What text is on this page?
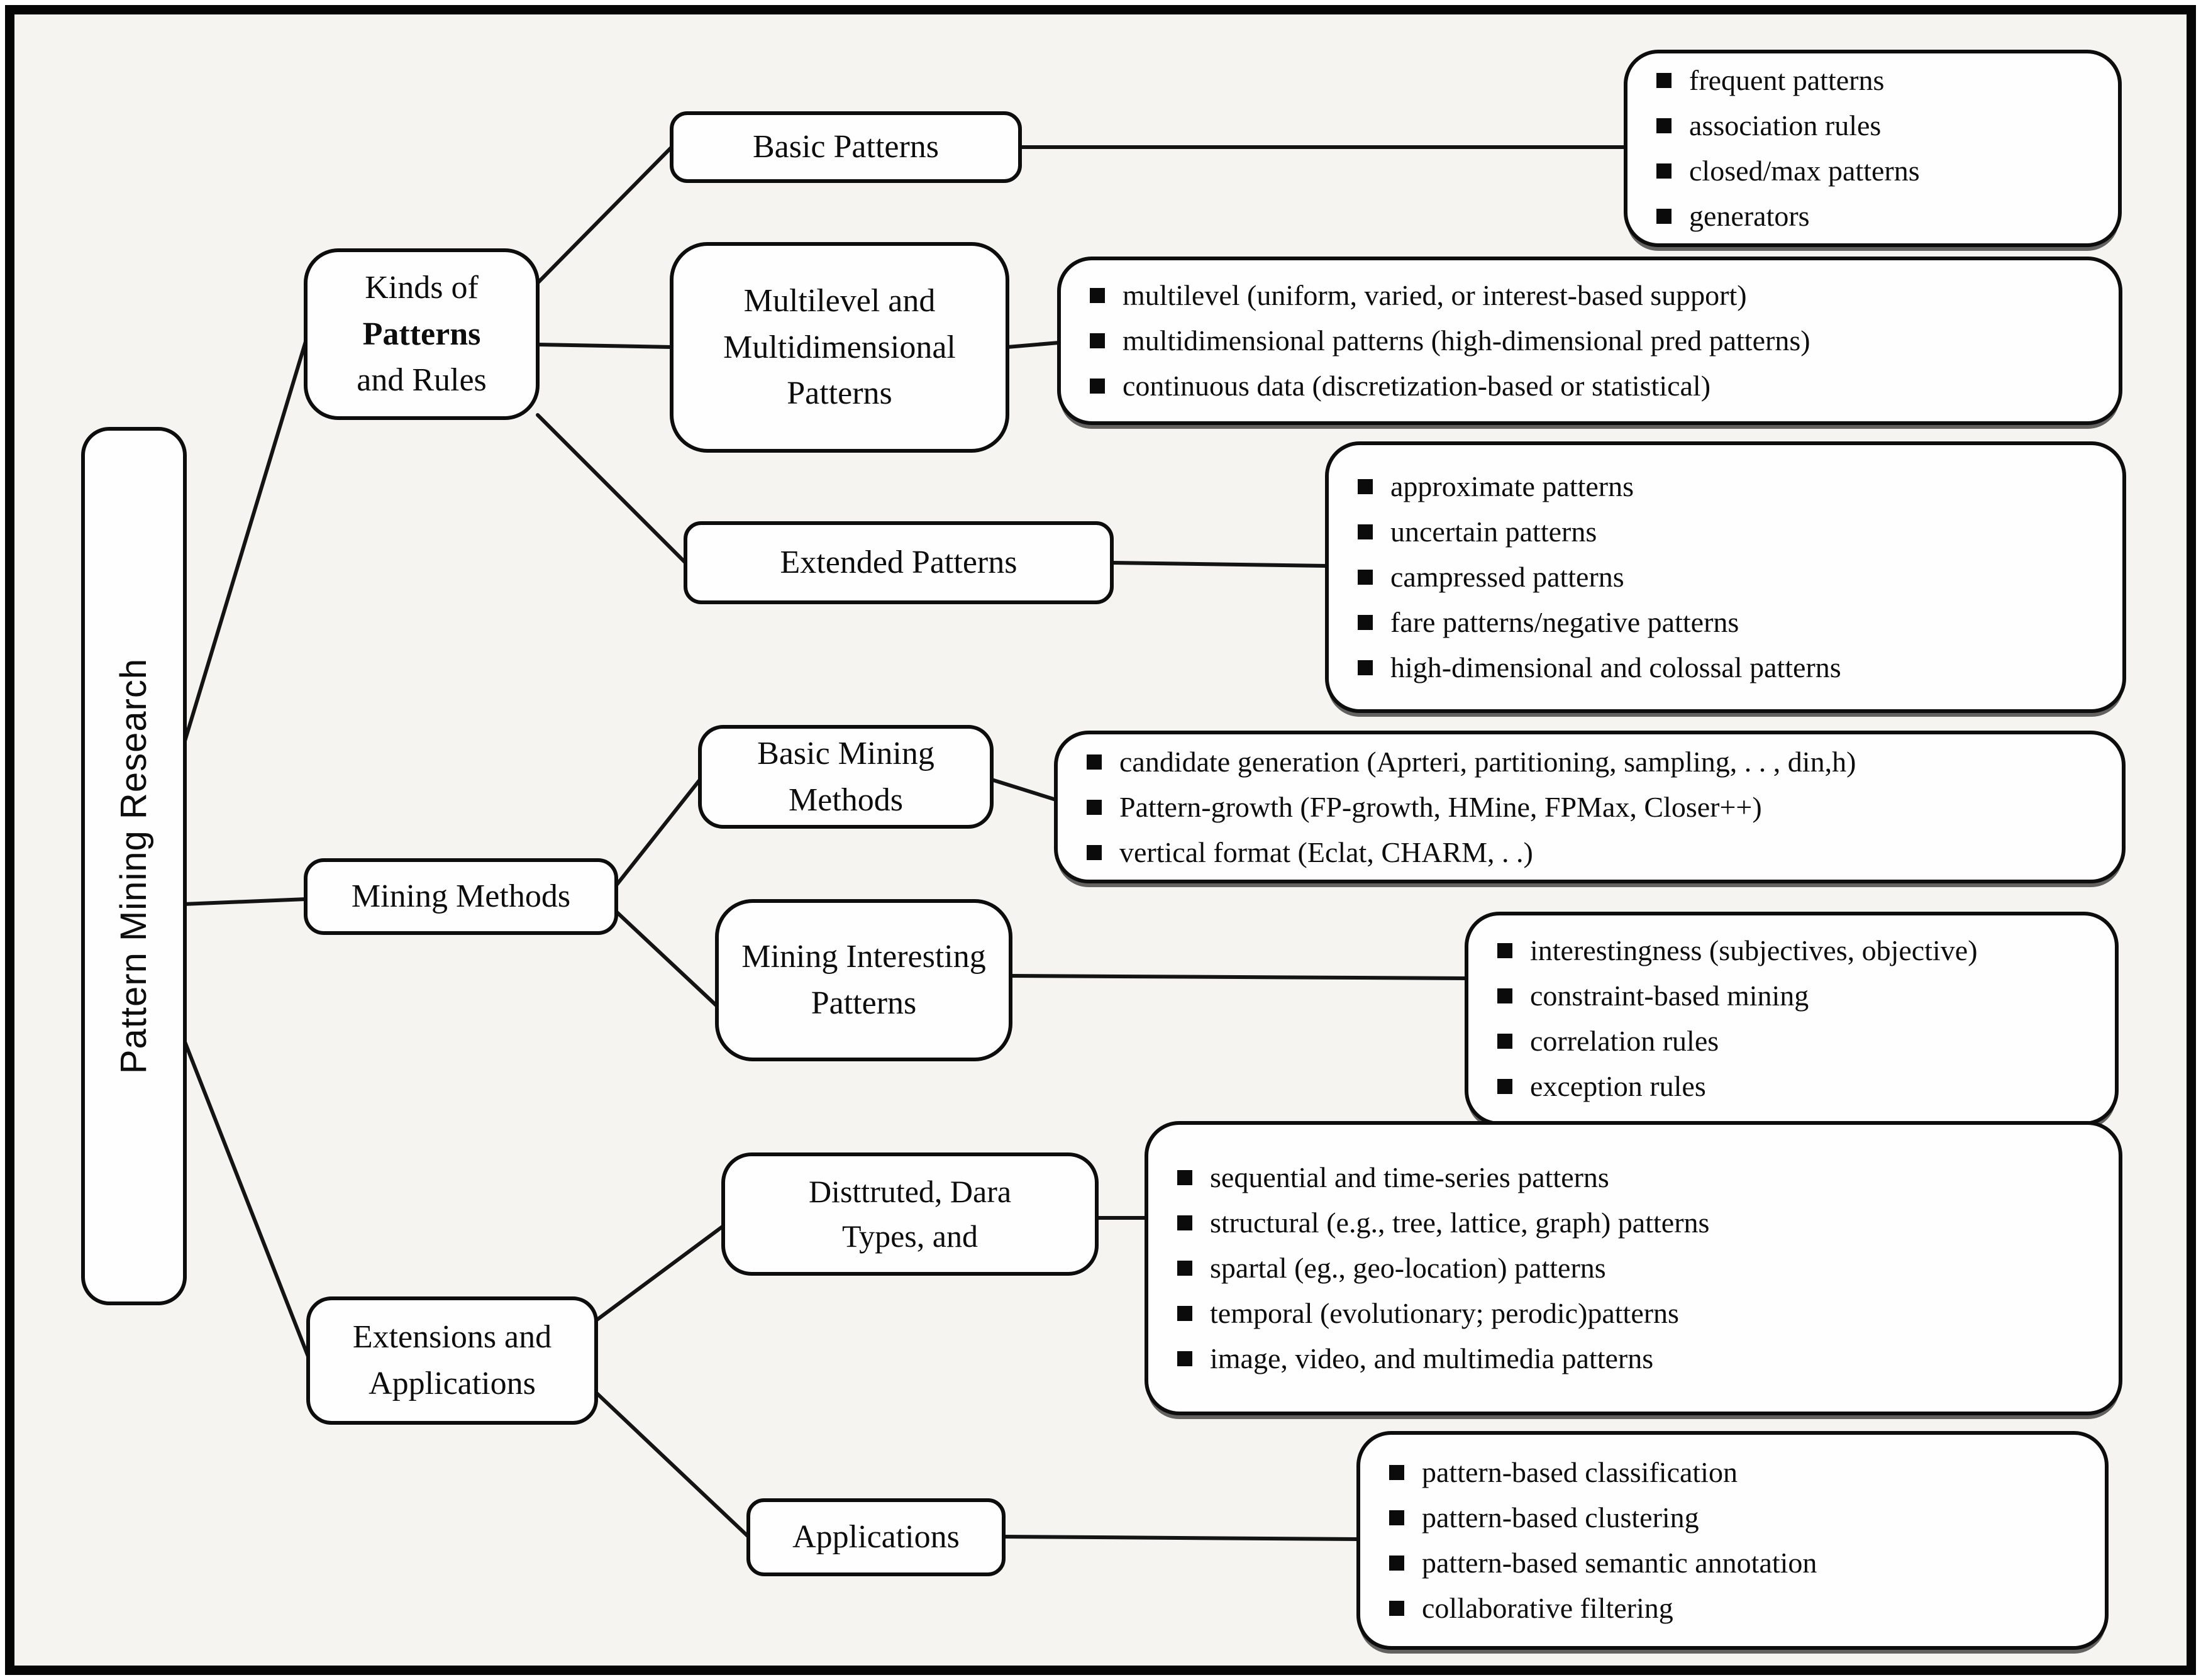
Pattern Mining Research
Kinds of
Patterns
and Rules
Mining Methods
Extensions and
Applications
Basic Patterns
Multilevel and
Multidimensional
Patterns
Extended Patterns
Basic Mining
Methods
Mining Interesting
Patterns
Disttruted, Dara
Types, and
Applications
frequent patterns
association rules
closed/max patterns
generators
multilevel (uniform, varied, or interest-based support)
multidimensional patterns (high-dimensional pred patterns)
continuous data (discretization-based or statistical)
approximate patterns
uncertain patterns
campressed patterns
fare patterns/negative patterns
high-dimensional and colossal patterns
candidate generation (Aprteri, partitioning, sampling, . . , din,h)
Pattern-growth (FP-growth, HMine, FPMax, Closer++)
vertical format (Eclat, CHARM, . .)
interestingness (subjectives, objective)
constraint-based mining
correlation rules
exception rules
sequential and time-series patterns
structural (e.g., tree, lattice, graph) patterns
spartal (eg., geo-location) patterns
temporal (evolutionary; perodic)patterns
image, video, and multimedia patterns
pattern-based classification
pattern-based clustering
pattern-based semantic annotation
collaborative filtering
